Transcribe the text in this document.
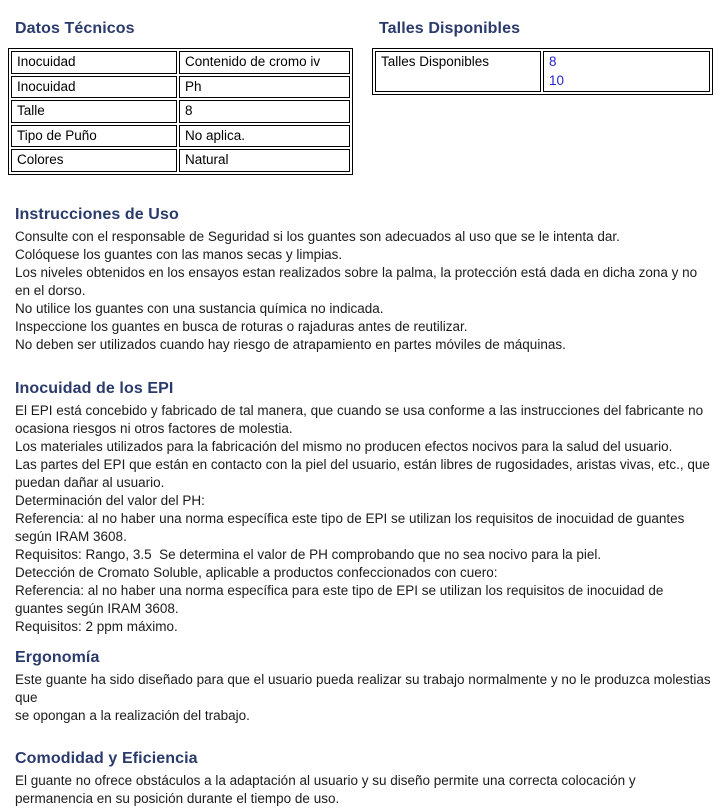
Datos Técnicos
Inocuidad	Contenido de cromo iv
Inocuidad	Ph
Talle	8
Tipo de Puño	No aplica.
Colores	Natural
Talles Disponibles
Talles Disponibles	8
10
Instrucciones de Uso
Consulte con el responsable de Seguridad si los guantes son adecuados al uso que se le intenta dar.
Colóquese los guantes con las manos secas y limpias.
Los niveles obtenidos en los ensayos estan realizados sobre la palma, la protección está dada en dicha zona y no en el dorso.
No utilice los guantes con una sustancia química no indicada.
Inspeccione los guantes en busca de roturas o rajaduras antes de reutilizar.
No deben ser utilizados cuando hay riesgo de atrapamiento en partes móviles de máquinas.
Inocuidad de los EPI
El EPI está concebido y fabricado de tal manera, que cuando se usa conforme a las instrucciones del fabricante no ocasiona riesgos ni otros factores de molestia.
Los materiales utilizados para la fabricación del mismo no producen efectos nocivos para la salud del usuario.
Las partes del EPI que están en contacto con la piel del usuario, están libres de rugosidades, aristas vivas, etc., que puedan dañar al usuario.
Determinación del valor del PH:
Referencia: al no haber una norma específica este tipo de EPI se utilizan los requisitos de inocuidad de guantes según IRAM 3608.
Requisitos: Rango, 3.5  Se determina el valor de PH comprobando que no sea nocivo para la piel.
Detección de Cromato Soluble, aplicable a productos confeccionados con cuero:
Referencia: al no haber una norma específica para este tipo de EPI se utilizan los requisitos de inocuidad de guantes según IRAM 3608.
Requisitos: 2 ppm máximo.
Ergonomía
Este guante ha sido diseñado para que el usuario pueda realizar su trabajo normalmente y no le produzca molestias que
se opongan a la realización del trabajo.
Comodidad y Eficiencia
El guante no ofrece obstáculos a la adaptación al usuario y su diseño permite una correcta colocación y permanencia en su posición durante el tiempo de uso.
